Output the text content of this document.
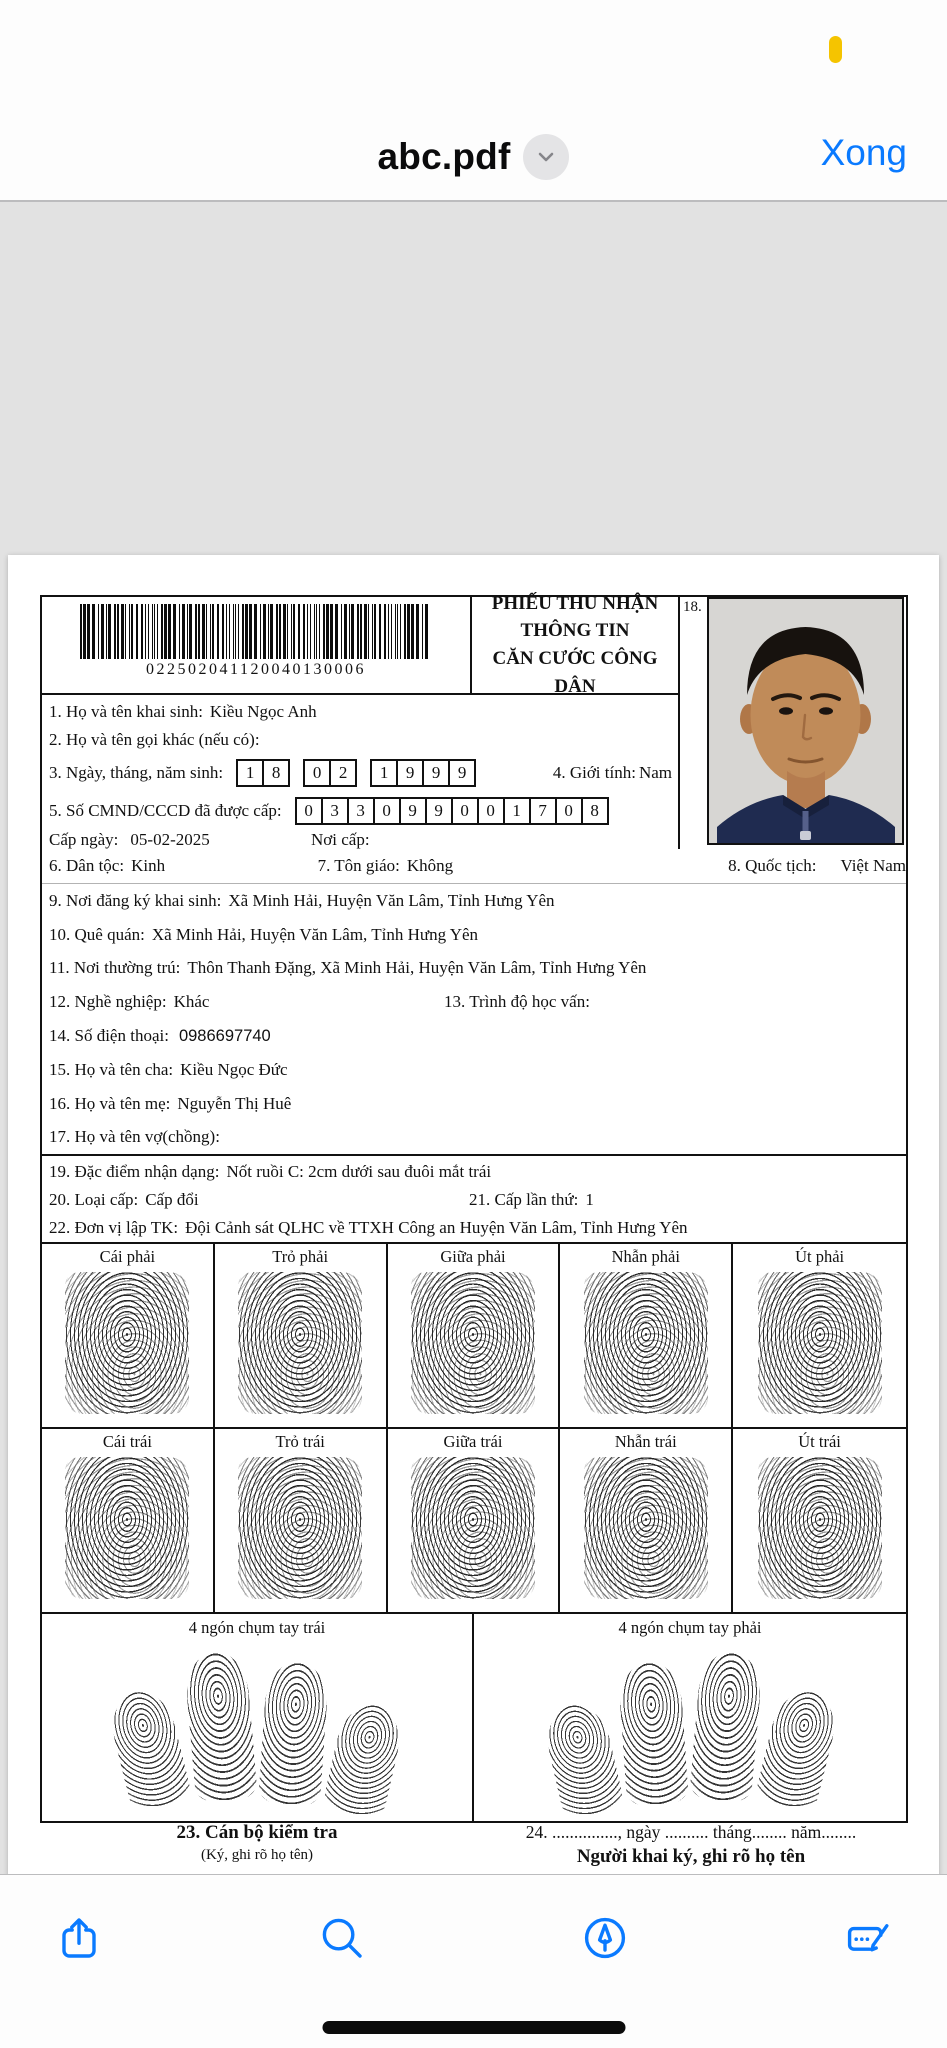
abc.pdf	Xong
022502041120040130006
PHIẾU THU NHẬN THÔNG TIN
CĂN CƯỚC CÔNG DÂN
1. Họ và tên khai sinh: Kiều Ngọc Anh
2. Họ và tên gọi khác (nếu có):
3. Ngày, tháng, năm sinh:	1	8	0	2	1	9	9	9	4. Giới tính: Nam
5. Số CMND/CCCD đã được cấp:	0	3	3	0	9	9	0	0	1	7	0	8
Cấp ngày: 05-02-2025	Nơi cấp:
18.
6. Dân tộc: Kinh	7. Tôn giáo: Không	8. Quốc tịch: Việt Nam
9. Nơi đăng ký khai sinh: Xã Minh Hải, Huyện Văn Lâm, Tỉnh Hưng Yên
10. Quê quán: Xã Minh Hải, Huyện Văn Lâm, Tỉnh Hưng Yên
11. Nơi thường trú: Thôn Thanh Đặng, Xã Minh Hải, Huyện Văn Lâm, Tỉnh Hưng Yên
12. Nghề nghiệp: Khác	13. Trình độ học vấn:
14. Số điện thoại: 0986697740
15. Họ và tên cha: Kiều Ngọc Đức
16. Họ và tên mẹ: Nguyễn Thị Huê
17. Họ và tên vợ(chồng):
19. Đặc điểm nhận dạng: Nốt ruồi C: 2cm dưới sau đuôi mắt trái
20. Loại cấp: Cấp đổi	21. Cấp lần thứ: 1
22. Đơn vị lập TK: Đội Cảnh sát QLHC về TTXH Công an Huyện Văn Lâm, Tỉnh Hưng Yên
Cái phải	Trỏ phải	Giữa phải	Nhẫn phải	Út phải
Cái trái	Trỏ trái	Giữa trái	Nhẫn trái	Út trái
4 ngón chụm tay trái	4 ngón chụm tay phải
23. Cán bộ kiểm tra
(Ký, ghi rõ họ tên)
24. ..............., ngày .......... tháng........ năm........
Người khai ký, ghi rõ họ tên
